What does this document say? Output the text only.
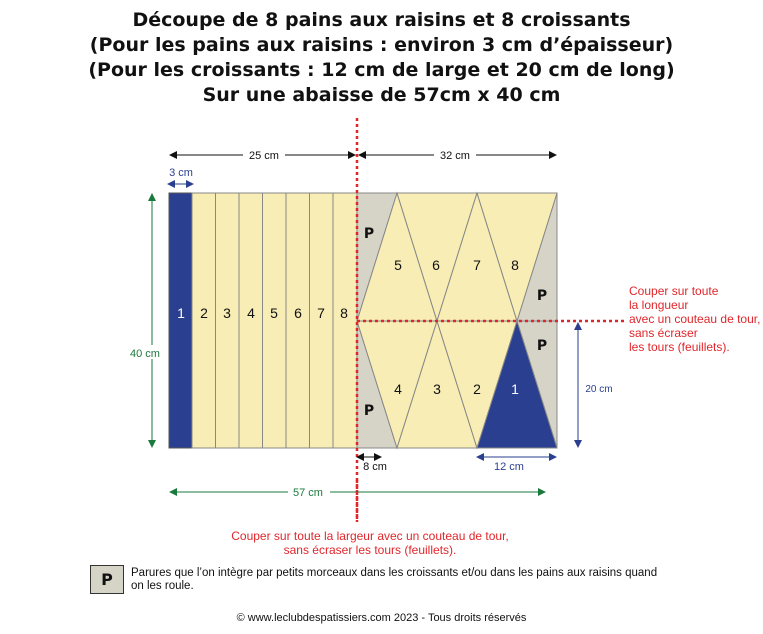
Découpe de 8 pains aux raisins et 8 croissants
(Pour les pains aux raisins : environ 3 cm d’épaisseur)
(Pour les croissants : 12 cm de large et 20 cm de long)
Sur une abaisse de 57cm x 40 cm
1 2 3 4 5 6 7 8
5 6 7 8
4 3 2 1
P
P
P
P
25 cm	32 cm
3 cm
40 cm
20 cm
8 cm	12 cm
57 cm
Couper sur toute
la longueur
avec un couteau de tour,
sans écraser
les tours (feuillets).
Couper sur toute la largeur avec un couteau de tour,
sans écraser les tours (feuillets).
P	Parures que l’on intègre par petits morceaux dans les croissants et/ou dans les pains aux raisins quand on les roule.
© www.leclubdespatissiers.com 2023 - Tous droits réservés
